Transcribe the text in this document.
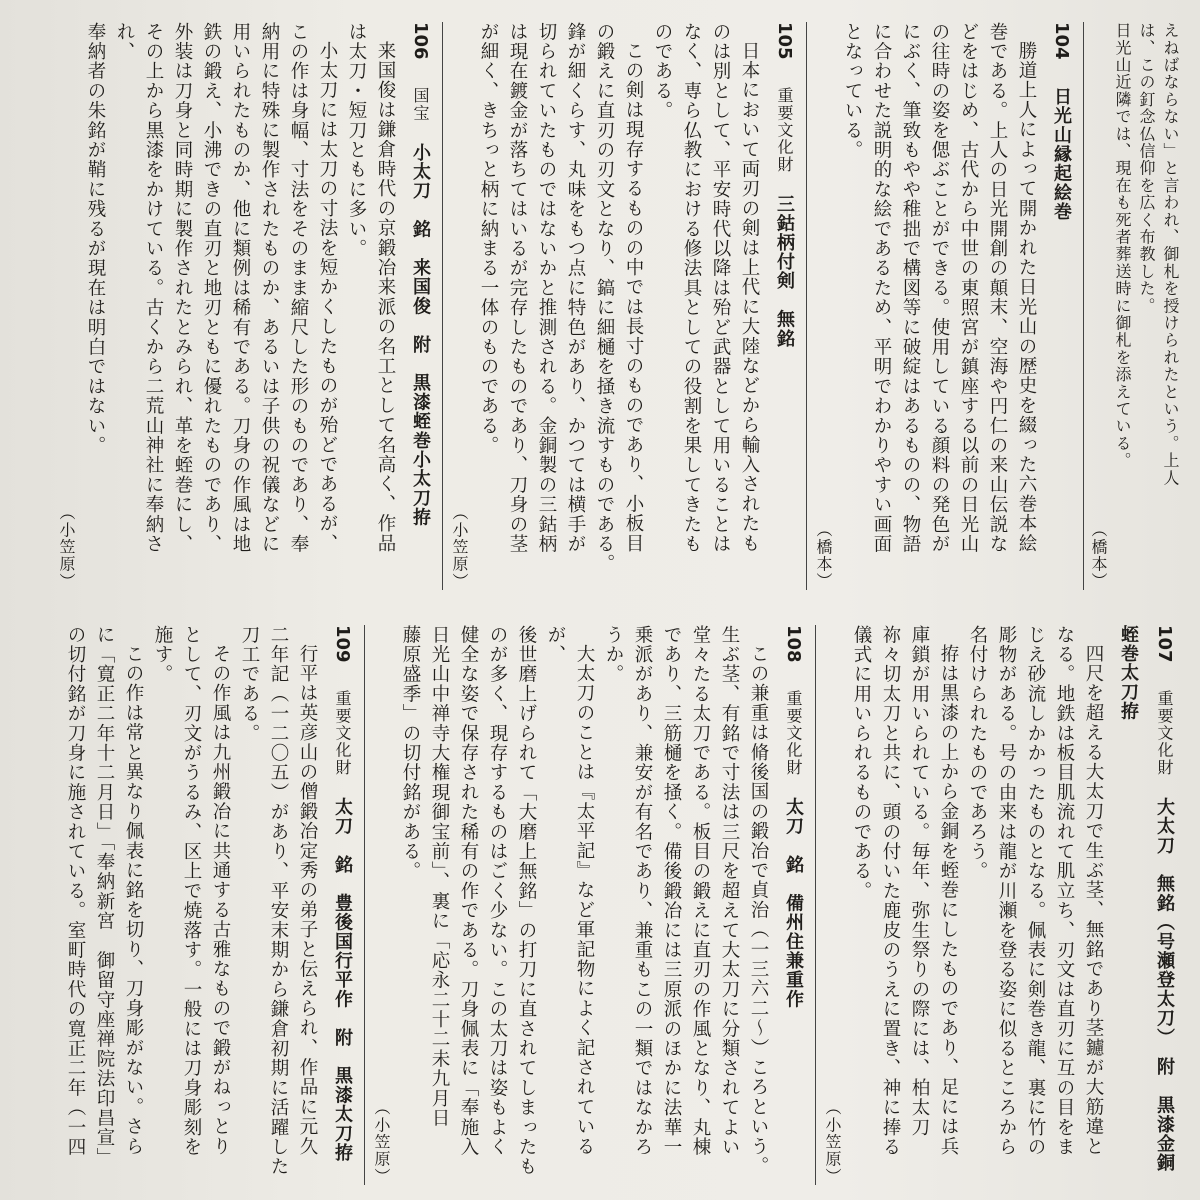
えねばならない」と言われ、御札を授けられたという。上人
は、この釘念仏信仰を広く布教した。
日光山近隣では、現在も死者葬送時に御札を添えている。
（橋本）
104 日光山縁起絵巻
勝道上人によって開かれた日光山の歴史を綴った六巻本絵
巻である。上人の日光開創の顛末、空海や円仁の来山伝説な
どをはじめ、古代から中世の東照宮が鎮座する以前の日光山
の往時の姿を偲ぶことができる。使用している顔料の発色が
にぶく、筆致もやや稚拙で構図等に破綻はあるものの、物語
に合わせた説明的な絵であるため、平明でわかりやすい画面
となっている。
（橋本）
105 重要文化財 三鈷柄付剣　無銘
日本において両刃の剣は上代に大陸などから輸入されたも
のは別として、平安時代以降は殆ど武器として用いることは
なく、専ら仏教における修法具としての役割を果してきたも
のである。
この剣は現存するものの中では長寸のものであり、小板目
の鍛えに直刃の刃文となり、鎬に細樋を掻き流すものである。
鋒が細くらす、丸味をもつ点に特色があり、かつては横手が
切られていたものではないかと推測される。金銅製の三鈷柄
は現在鍍金が落ちてはいるが完存したものであり、刀身の茎
が細く、きちっと柄に納まる一体のものである。
（小笠原）
106 国宝 小太刀　銘　来国俊　附　黒漆蛭巻小太刀拵
来国俊は鎌倉時代の京鍛冶来派の名工として名高く、作品
は太刀・短刀ともに多い。
小太刀には太刀の寸法を短かくしたものが殆どであるが、
この作は身幅、寸法をそのまま縮尺した形のものであり、奉
納用に特殊に製作されたものか、あるいは子供の祝儀などに
用いられたものか、他に類例は稀有である。刀身の作風は地
鉄の鍛え、小沸できの直刃と地刃ともに優れたものであり、
外装は刀身と同時期に製作されたとみられ、革を蛭巻にし、
その上から黒漆をかけている。古くから二荒山神社に奉納され、
奉納者の朱銘が鞘に残るが現在は明白ではない。
（小笠原）
107 重要文化財 大太刀　無銘（号瀬登太刀）　附　黒漆金銅蛭巻太刀拵
四尺を超える大太刀で生ぶ茎、無銘であり茎鑢が大筋違と
なる。地鉄は板目肌流れて肌立ち、刃文は直刃に互の目をま
じえ砂流しかかったものとなる。佩表に剣巻き龍、裏に竹の
彫物がある。号の由来は龍が川瀬を登る姿に似るところから
名付けられたものであろう。
拵は黒漆の上から金銅を蛭巻にしたものであり、足には兵
庫鎖が用いられている。毎年、弥生祭りの際には、柏太刀
祢々切太刀と共に、頭の付いた鹿皮のうえに置き、神に捧る
儀式に用いられるものである。
（小笠原）
108 重要文化財 太刀　銘　備州住兼重作
この兼重は脩後国の鍛冶で貞治（一三六二〜）ころという。
生ぶ茎、有銘で寸法は三尺を超えて大太刀に分類されてよい
堂々たる太刀である。板目の鍛えに直刃の作風となり、丸棟
であり、三筋樋を掻く。備後鍛冶には三原派のほかに法華一
乗派があり、兼安が有名であり、兼重もこの一類ではなかろ
うか。
大太刀のことは『太平記』など軍記物によく記されているが、
後世磨上げられて「大磨上無銘」の打刀に直されてしまったも
のが多く、現存するものはごく少ない。この太刀は姿もよく
健全な姿で保存された稀有の作である。刀身佩表に「奉施入
日光山中禅寺大権現御宝前」、裏に「応永二十二未九月日
藤原盛季」の切付銘がある。
（小笠原）
109 重要文化財 太刀　銘　豊後国行平作　附　黒漆太刀拵
行平は英彦山の僧鍛冶定秀の弟子と伝えられ、作品に元久
二年記（一二〇五）があり、平安末期から鎌倉初期に活躍した
刀工である。
その作風は九州鍛冶に共通する古雅なもので鍛がねっとり
として、刃文がうるみ、区上で焼落す。一般には刀身彫刻を
施す。
この作は常と異なり佩表に銘を切り、刀身彫がない。さら
に「寛正二年十二月日」「奉納新宮　御留守座禅院法印昌宣」
の切付銘が刀身に施されている。室町時代の寛正二年（一四
